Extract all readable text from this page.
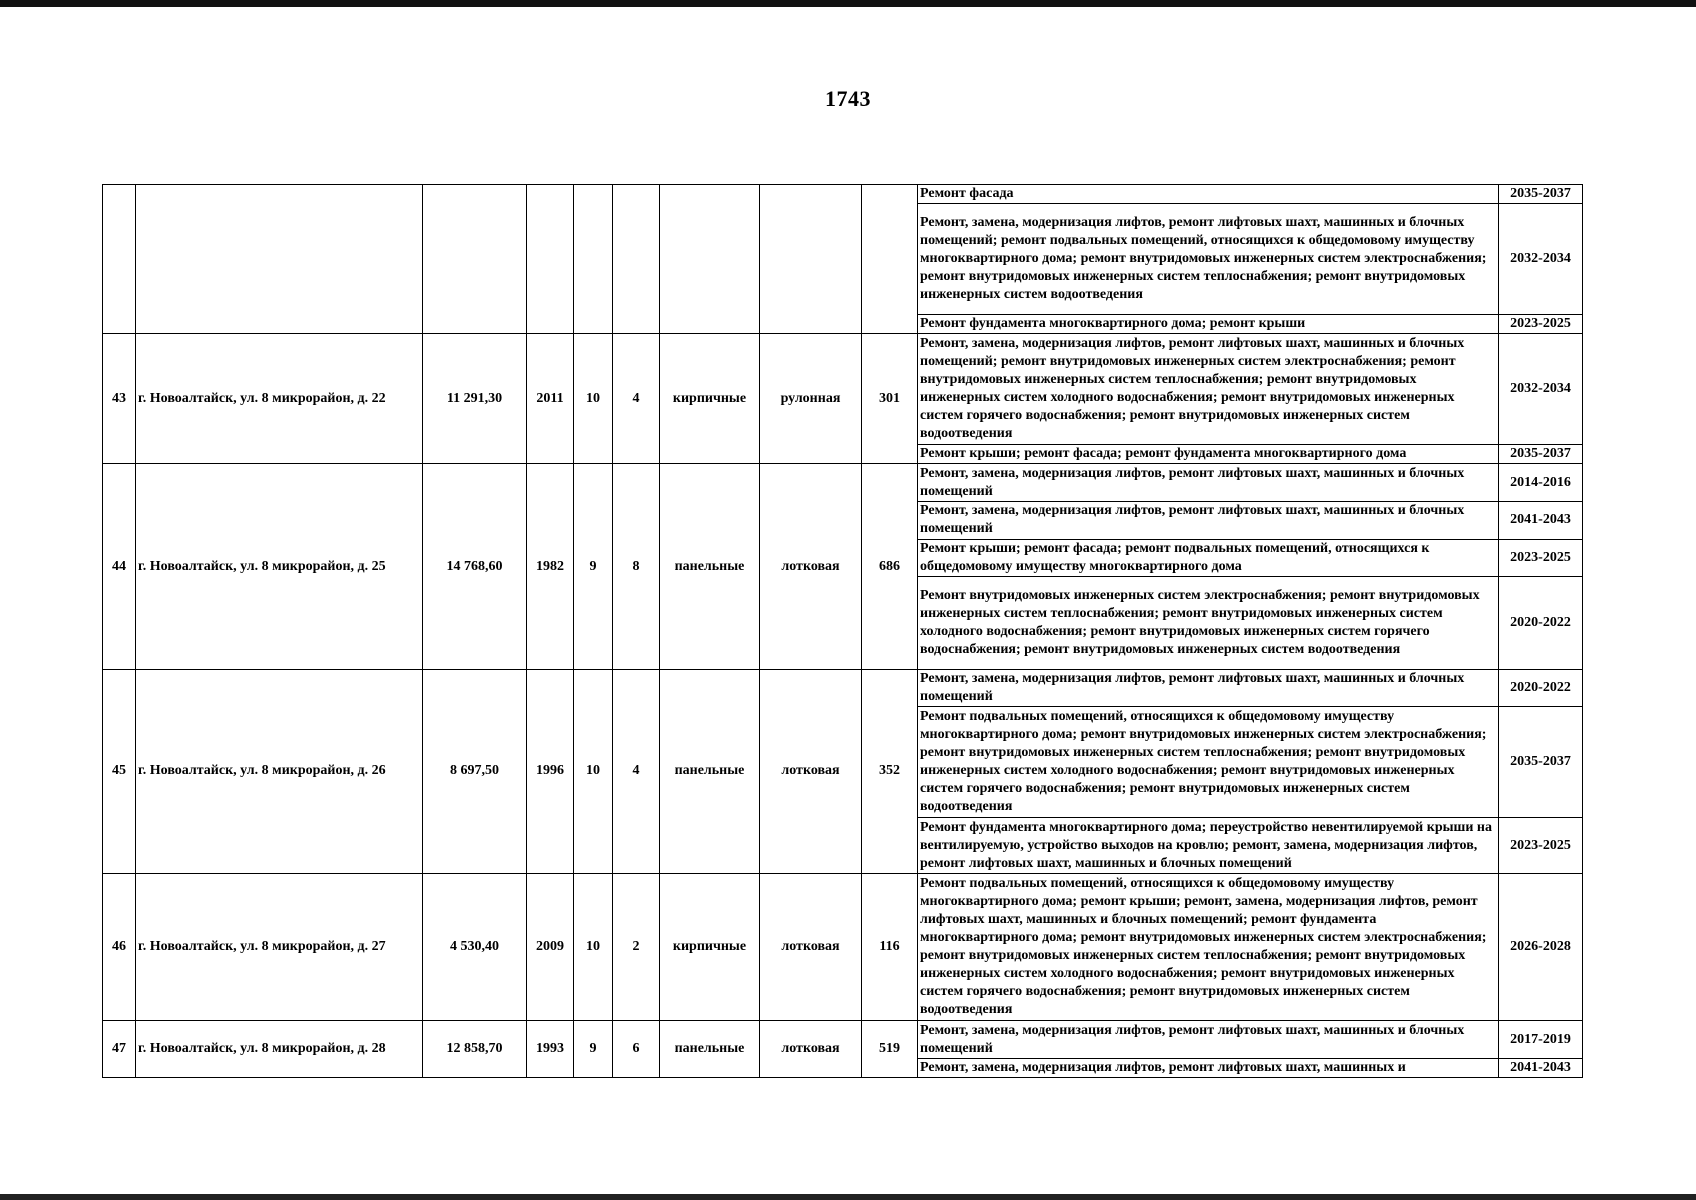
1743
									Ремонт фасада	2035-2037
									Ремонт, замена, модернизация лифтов, ремонт лифтовых шахт, машинных и блочных помещений; ремонт подвальных помещений, относящихся к общедомовому имуществу многоквартирного дома; ремонт внутридомовых инженерных систем электроснабжения; ремонт внутридомовых инженерных систем теплоснабжения; ремонт внутридомовых инженерных систем водоотведения	2032-2034
									Ремонт фундамента многоквартирного дома; ремонт крыши	2023-2025
43	г. Новоалтайск, ул. 8 микрорайон, д. 22	11 291,30	2011	10	4	кирпичные	рулонная	301	Ремонт, замена, модернизация лифтов, ремонт лифтовых шахт, машинных и блочных помещений; ремонт внутридомовых инженерных систем электроснабжения; ремонт внутридомовых инженерных систем теплоснабжения; ремонт внутридомовых инженерных систем холодного водоснабжения; ремонт внутридомовых инженерных систем горячего водоснабжения; ремонт внутридомовых инженерных систем водоотведения	2032-2034
									Ремонт крыши; ремонт фасада; ремонт фундамента многоквартирного дома	2035-2037
44	г. Новоалтайск, ул. 8 микрорайон, д. 25	14 768,60	1982	9	8	панельные	лотковая	686	Ремонт, замена, модернизация лифтов, ремонт лифтовых шахт, машинных и блочных помещений	2014-2016
									Ремонт, замена, модернизация лифтов, ремонт лифтовых шахт, машинных и блочных помещений	2041-2043
									Ремонт крыши; ремонт фасада; ремонт подвальных помещений, относящихся к общедомовому имуществу многоквартирного дома	2023-2025
									Ремонт внутридомовых инженерных систем электроснабжения; ремонт внутридомовых инженерных систем теплоснабжения; ремонт внутридомовых инженерных систем холодного водоснабжения; ремонт внутридомовых инженерных систем горячего водоснабжения; ремонт внутридомовых инженерных систем водоотведения	2020-2022
45	г. Новоалтайск, ул. 8 микрорайон, д. 26	8 697,50	1996	10	4	панельные	лотковая	352	Ремонт, замена, модернизация лифтов, ремонт лифтовых шахт, машинных и блочных помещений	2020-2022
									Ремонт подвальных помещений, относящихся к общедомовому имуществу многоквартирного дома; ремонт внутридомовых инженерных систем электроснабжения; ремонт внутридомовых инженерных систем теплоснабжения; ремонт внутридомовых инженерных систем холодного водоснабжения; ремонт внутридомовых инженерных систем горячего водоснабжения; ремонт внутридомовых инженерных систем водоотведения	2035-2037
									Ремонт фундамента многоквартирного дома; переустройство невентилируемой крыши на вентилируемую, устройство выходов на кровлю; ремонт, замена, модернизация лифтов, ремонт лифтовых шахт, машинных и блочных помещений	2023-2025
46	г. Новоалтайск, ул. 8 микрорайон, д. 27	4 530,40	2009	10	2	кирпичные	лотковая	116	Ремонт подвальных помещений, относящихся к общедомовому имуществу многоквартирного дома; ремонт крыши; ремонт, замена, модернизация лифтов, ремонт лифтовых шахт, машинных и блочных помещений; ремонт фундамента многоквартирного дома; ремонт внутридомовых инженерных систем электроснабжения; ремонт внутридомовых инженерных систем теплоснабжения; ремонт внутридомовых инженерных систем холодного водоснабжения; ремонт внутридомовых инженерных систем горячего водоснабжения; ремонт внутридомовых инженерных систем водоотведения	2026-2028
47	г. Новоалтайск, ул. 8 микрорайон, д. 28	12 858,70	1993	9	6	панельные	лотковая	519	Ремонт, замена, модернизация лифтов, ремонт лифтовых шахт, машинных и блочных помещений	2017-2019
									Ремонт, замена, модернизация лифтов, ремонт лифтовых шахт, машинных и	2041-2043
